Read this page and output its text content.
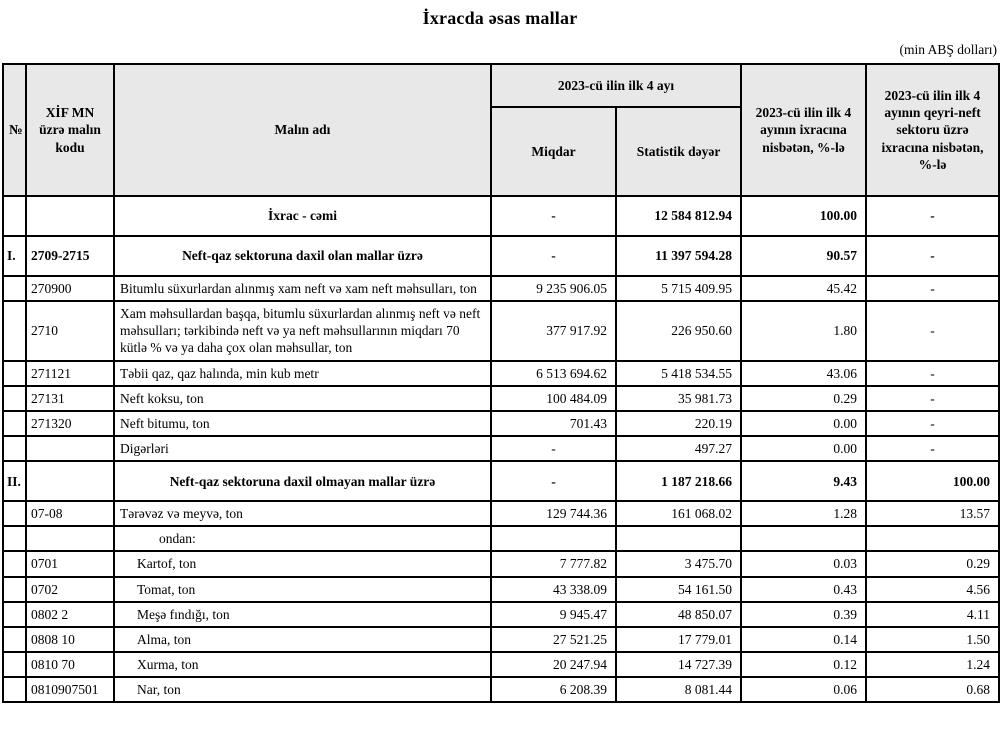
İxracda əsas mallar
(min ABŞ dolları)
№	XİF MN üzrə malın kodu	Malın adı	2023-cü ilin ilk 4 ayı		2023-cü ilin ilk 4 ayının ixracına nisbətən, %-lə	2023-cü ilin ilk 4 ayının qeyri-neft sektoru üzrə ixracına nisbətən, %-lə
			Miqdar	Statistik dəyər		
		İxrac - cəmi	-	12 584 812.94	100.00	-
I.	2709-2715	Neft-qaz sektoruna daxil olan mallar üzrə	-	11 397 594.28	90.57	-
	270900	Bitumlu süxurlardan alınmış xam neft və xam neft məhsulları, ton	9 235 906.05	5 715 409.95	45.42	-
	2710	Xam məhsullardan başqa, bitumlu süxurlardan alınmış neft və neft məhsulları; tərkibində neft və ya neft məhsullarının miqdarı 70 kütlə % və ya daha çox olan məhsullar, ton	377 917.92	226 950.60	1.80	-
	271121	Təbii qaz, qaz halında, min kub metr	6 513 694.62	5 418 534.55	43.06	-
	27131	Neft koksu, ton	100 484.09	35 981.73	0.29	-
	271320	Neft bitumu, ton	701.43	220.19	0.00	-
		Digərləri	-	497.27	0.00	-
II.		Neft-qaz sektoruna daxil olmayan mallar üzrə	-	1 187 218.66	9.43	100.00
	07-08	Tərəvəz və meyvə, ton	129 744.36	161 068.02	1.28	13.57
		ondan:				
	0701	Kartof, ton	7 777.82	3 475.70	0.03	0.29
	0702	Tomat, ton	43 338.09	54 161.50	0.43	4.56
	0802 2	Meşə fındığı, ton	9 945.47	48 850.07	0.39	4.11
	0808 10	Alma, ton	27 521.25	17 779.01	0.14	1.50
	0810 70	Xurma, ton	20 247.94	14 727.39	0.12	1.24
	0810907501	Nar, ton	6 208.39	8 081.44	0.06	0.68
